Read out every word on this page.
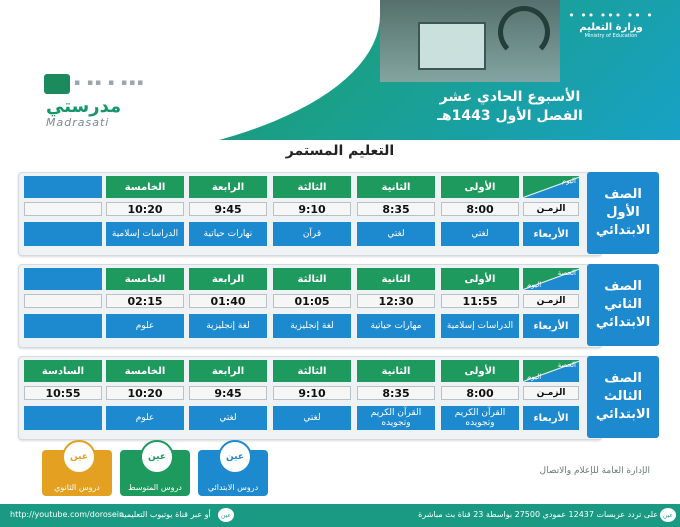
• •• ••• •• •
وزارة التعليم
Ministry of Education
الأسبوع الحادي عشر
الفصل الأول 1443هـ
▪▪▪ ▪ ▪▪ ▪
مدرستي
Madrasati
التعليم المستمر
الصف
الأول
الابتدائي
اليوم
الزمـن
الأربعاء
الأولى
8:00
لغتي
الثانية
8:35
لغتي
الثالثة
9:10
قرآن
الرابعة
9:45
نهارات حياتية
الخامسة
10:20
الدراسات إسلامية
الصف
الثاني
الابتدائي
الحصة
اليوم
الزمـن
الأربعاء
الأولى
11:55
الدراسات إسلامية
الثانية
12:30
مهارات حياتية
الثالثة
01:05
لغة إنجليزية
الرابعة
01:40
لغة إنجليزية
الخامسة
02:15
علوم
الصف
الثالث
الابتدائي
الحصة
اليوم
الزمـن
الأربعاء
الأولى
8:00
القرآن الكريم وتجويده
الثانية
8:35
القرآن الكريم وتجويده
الثالثة
9:10
لغتي
الرابعة
9:45
لغتي
الخامسة
10:20
علوم
السادسة
10:55
عين
دروس الابتدائي
عين
دروس المتوسط
عين
دروس الثانوي
الإدارة العامة للإعلام والاتصال
عين
على تردد عربسات 12437 عمودي 27500 بواسطة 23 قناة بث مباشرة
عين
أو عبر قناة يوتيوب التعليمية
http://youtube.com/dorosein
